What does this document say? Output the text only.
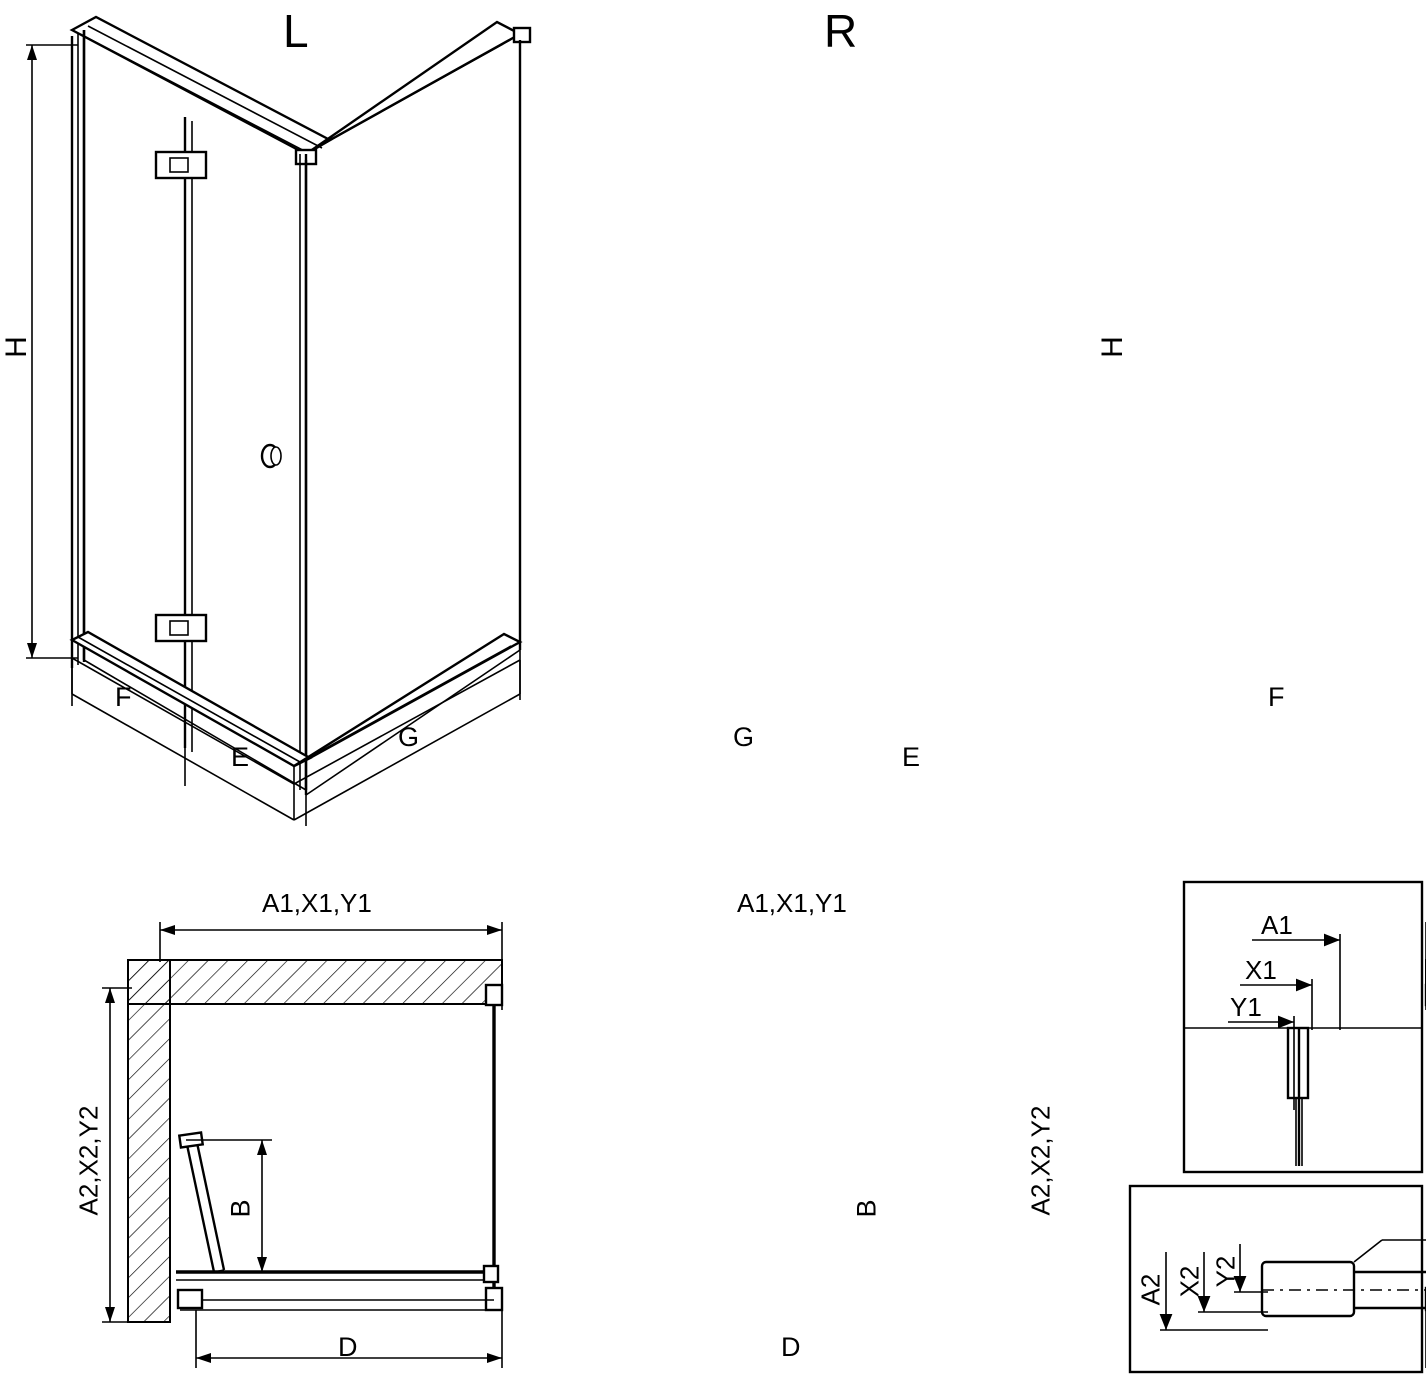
L	R
H	H
F
E
G
F
E
G
A1,X1,Y1	A1,X1,Y1
A2,X2,Y2	A2,X2,Y2
B	B
D	D
A1
X1
Y1
A2 X2 Y2
